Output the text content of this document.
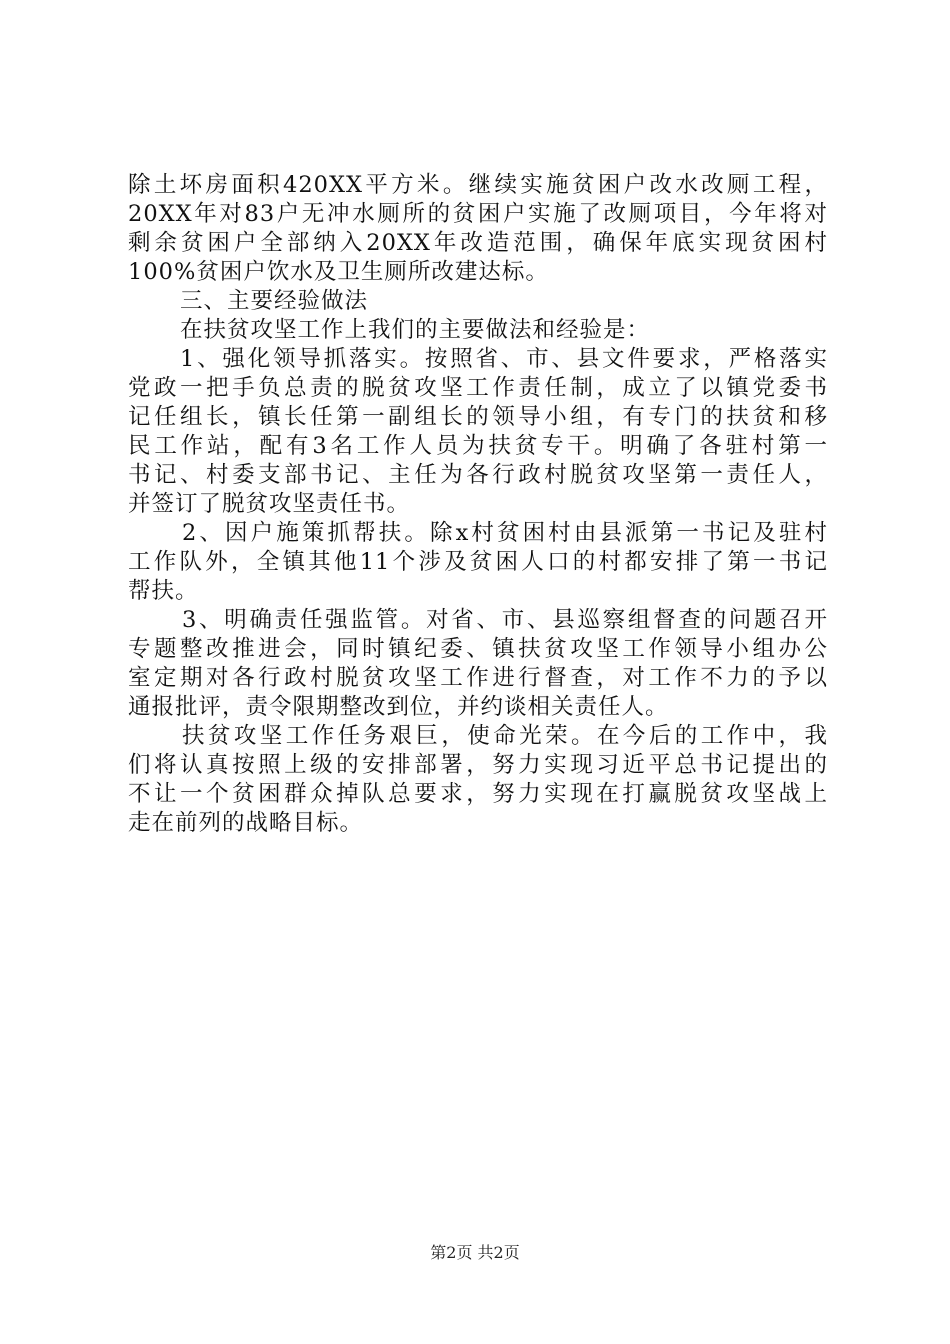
除土坏房面积420XX平方米。继续实施贫困户改水改厕工程，
20XX年对83户无冲水厕所的贫困户实施了改厕项目，今年将对
剩余贫困户全部纳入20XX年改造范围，确保年底实现贫困村
100%贫困户饮水及卫生厕所改建达标。
三、主要经验做法
在扶贫攻坚工作上我们的主要做法和经验是：
1、强化领导抓落实。按照省、市、县文件要求，严格落实
党政一把手负总责的脱贫攻坚工作责任制，成立了以镇党委书
记任组长，镇长任第一副组长的领导小组，有专门的扶贫和移
民工作站，配有3名工作人员为扶贫专干。明确了各驻村第一
书记、村委支部书记、主任为各行政村脱贫攻坚第一责任人，
并签订了脱贫攻坚责任书。
2、因户施策抓帮扶。除x村贫困村由县派第一书记及驻村
工作队外，全镇其他11个涉及贫困人口的村都安排了第一书记
帮扶。
3、明确责任强监管。对省、市、县巡察组督查的问题召开
专题整改推进会，同时镇纪委、镇扶贫攻坚工作领导小组办公
室定期对各行政村脱贫攻坚工作进行督查，对工作不力的予以
通报批评，责令限期整改到位，并约谈相关责任人。
扶贫攻坚工作任务艰巨，使命光荣。在今后的工作中，我
们将认真按照上级的安排部署，努力实现习近平总书记提出的
不让一个贫困群众掉队总要求，努力实现在打赢脱贫攻坚战上
走在前列的战略目标。
第2页 共2页
